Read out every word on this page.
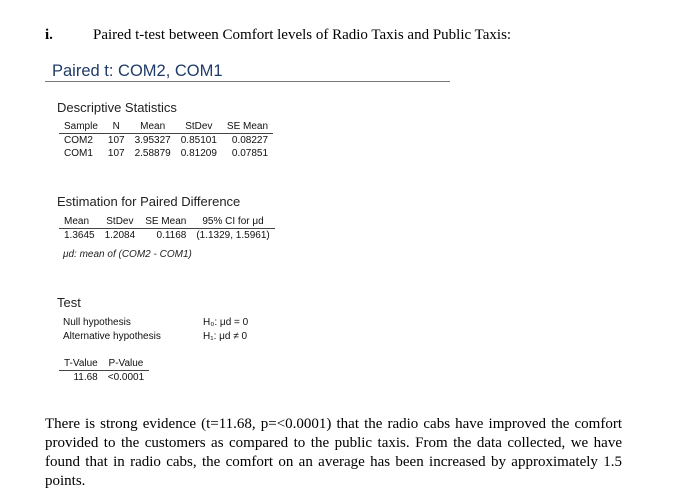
i.	Paired t-test between Comfort levels of Radio Taxis and Public Taxis:
Paired t: COM2, COM1
Descriptive Statistics
Sample	N	Mean	StDev	SE Mean
COM2	107	3.95327	0.85101	0.08227
COM1	107	2.58879	0.81209	0.07851
Estimation for Paired Difference
Mean	StDev	SE Mean	95% CI for μd
1.3645	1.2084	0.1168	(1.1329, 1.5961)
μd: mean of (COM2 - COM1)
Test
Null hypothesis	H₀: μd = 0
Alternative hypothesis	H₁: μd ≠ 0
T-Value	P-Value
11.68	<0.0001

There is strong evidence (t=11.68, p=<0.0001) that the radio cabs have improved the comfort provided to the customers as compared to the public taxis. From the data collected, we have found that in radio cabs, the comfort on an average has been increased by approximately 1.5 points.
